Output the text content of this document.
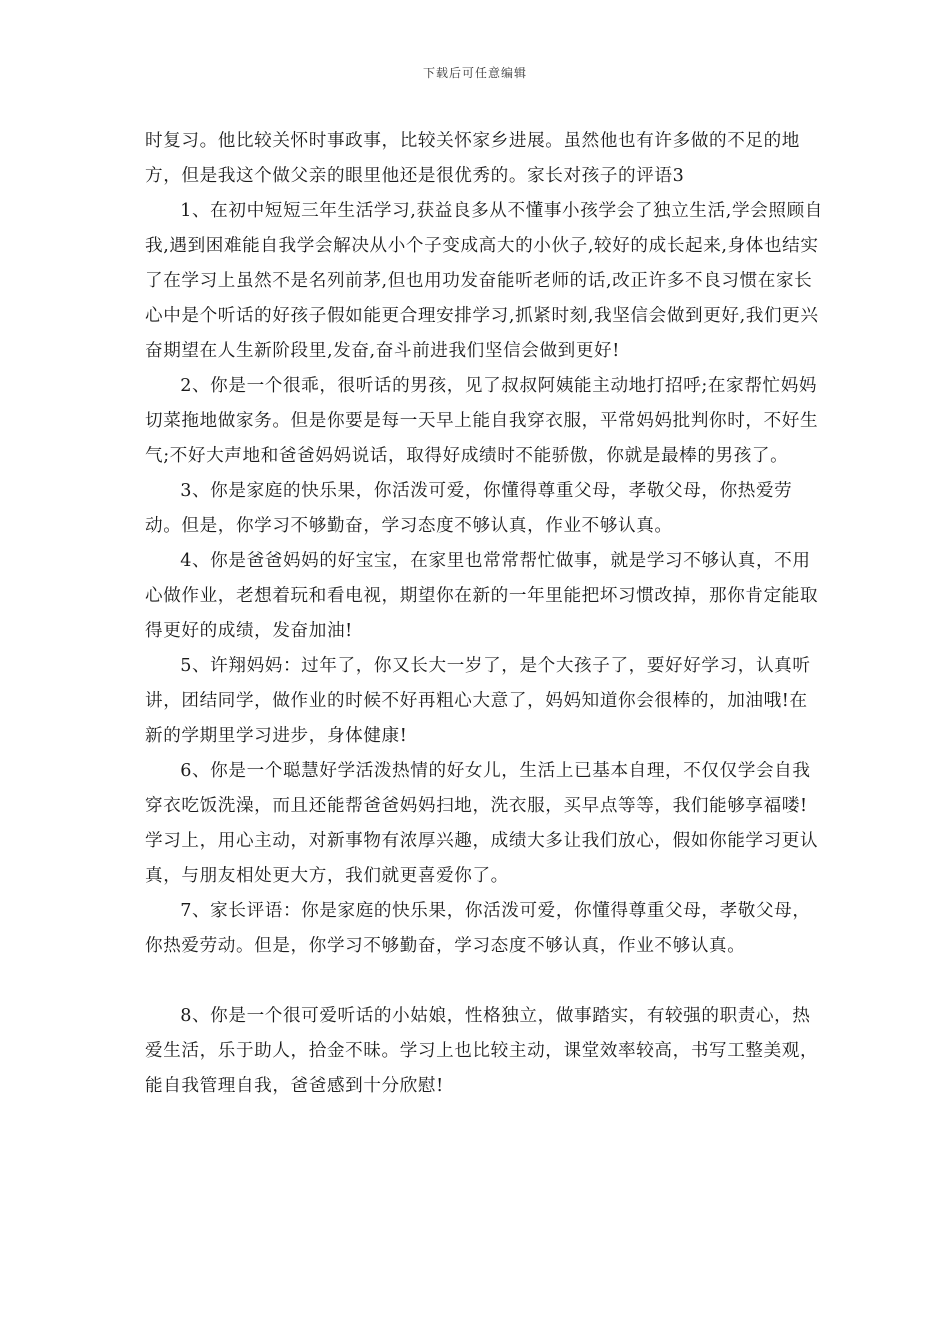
下载后可任意编辑

时复习。他比较关怀时事政事，比较关怀家乡进展。虽然他也有许多做的不足的地方，但是我这个做父亲的眼里他还是很优秀的。家长对孩子的评语3

1、在初中短短三年生活学习,获益良多从不懂事小孩学会了独立生活,学会照顾自我,遇到困难能自我学会解决从小个子变成高大的小伙子,较好的成长起来,身体也结实了在学习上虽然不是名列前茅,但也用功发奋能听老师的话,改正许多不良习惯在家长心中是个听话的好孩子假如能更合理安排学习,抓紧时刻,我坚信会做到更好,我们更兴奋期望在人生新阶段里,发奋,奋斗前进我们坚信会做到更好!

2、你是一个很乖，很听话的男孩，见了叔叔阿姨能主动地打招呼;在家帮忙妈妈切菜拖地做家务。但是你要是每一天早上能自我穿衣服，平常妈妈批判你时，不好生气;不好大声地和爸爸妈妈说话，取得好成绩时不能骄傲，你就是最棒的男孩了。

3、你是家庭的快乐果，你活泼可爱，你懂得尊重父母，孝敬父母，你热爱劳动。但是，你学习不够勤奋，学习态度不够认真，作业不够认真。

4、你是爸爸妈妈的好宝宝，在家里也常常帮忙做事，就是学习不够认真，不用心做作业，老想着玩和看电视，期望你在新的一年里能把坏习惯改掉，那你肯定能取得更好的成绩，发奋加油!

5、许翔妈妈：过年了，你又长大一岁了，是个大孩子了，要好好学习，认真听讲，团结同学，做作业的时候不好再粗心大意了，妈妈知道你会很棒的，加油哦!在新的学期里学习进步，身体健康!

6、你是一个聪慧好学活泼热情的好女儿，生活上已基本自理，不仅仅学会自我穿衣吃饭洗澡，而且还能帮爸爸妈妈扫地，洗衣服，买早点等等，我们能够享福喽!学习上，用心主动，对新事物有浓厚兴趣，成绩大多让我们放心，假如你能学习更认真，与朋友相处更大方，我们就更喜爱你了。

7、家长评语：你是家庭的快乐果，你活泼可爱，你懂得尊重父母，孝敬父母，你热爱劳动。但是，你学习不够勤奋，学习态度不够认真，作业不够认真。

8、你是一个很可爱听话的小姑娘，性格独立，做事踏实，有较强的职责心，热爱生活，乐于助人，拾金不昧。学习上也比较主动，课堂效率较高，书写工整美观，能自我管理自我，爸爸感到十分欣慰!
